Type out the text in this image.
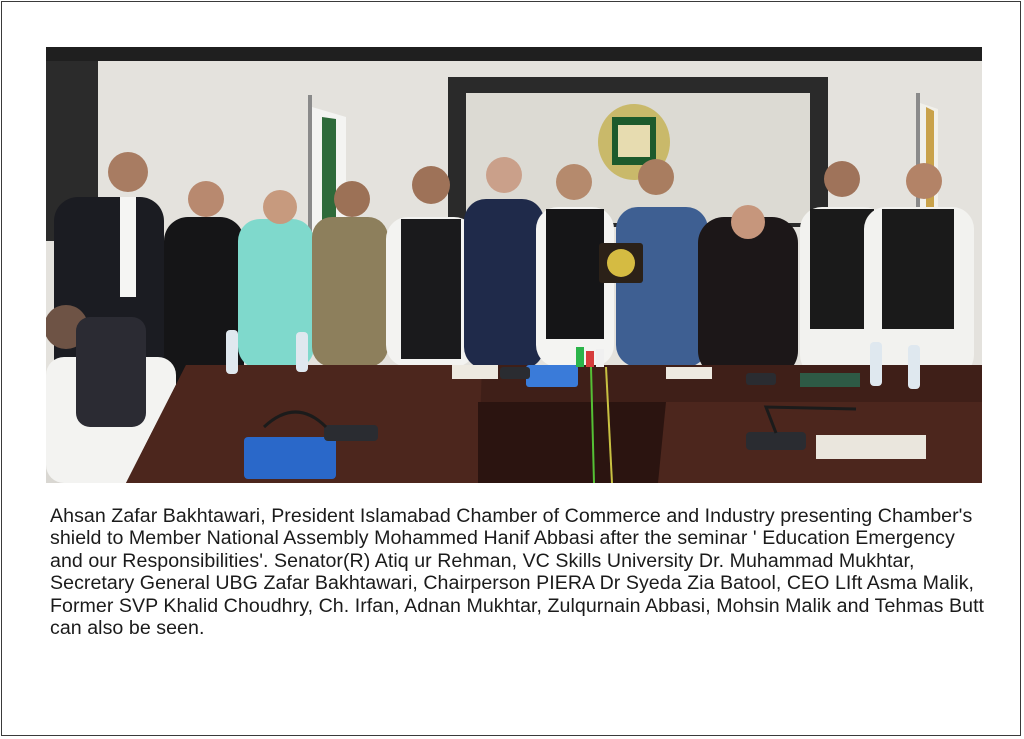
Ahsan Zafar Bakhtawari, President Islamabad Chamber of Commerce and Industry presenting Chamber's shield to Member National Assembly Mohammed Hanif Abbasi after the seminar ' Education Emergency and our Responsibilities'. Senator(R) Atiq ur Rehman, VC Skills University Dr. Muhammad Mukhtar, Secretary General UBG Zafar Bakhtawari, Chairperson PIERA Dr Syeda Zia Batool, CEO LIft Asma Malik, Former SVP Khalid Choudhry, Ch. Irfan, Adnan Mukhtar, Zulqurnain Abbasi, Mohsin Malik and Tehmas Butt can also be seen.
